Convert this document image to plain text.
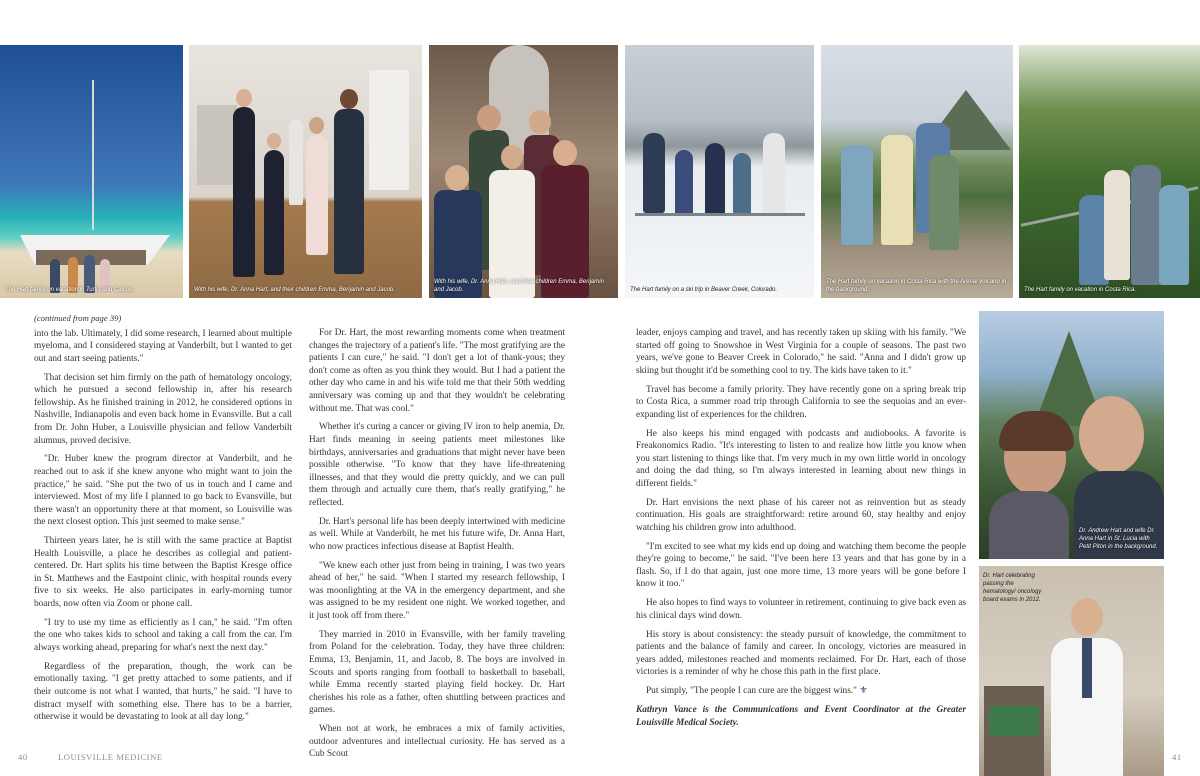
The Hart family on vacation in Turks and Caicos.	With his wife, Dr. Anna Hart, and their children Emma, Benjamin and Jacob.
With his wife, Dr. Anna Hart, and their children Emma, Benjamin and Jacob.	The Hart family on a ski trip in Beaver Creek, Colorado.
The Hart family on vacation in Costa Rica with the Arenal volcano in the background.	The Hart family on vacation in Costa Rica.
Dr. Andrew Hart and wife Dr. Anna Hart in St. Lucia with Petit Piton in the background.
Dr. Hart celebrating passing the hematology/ oncology board exams in 2012.

(continued from page 39)

into the lab. Ultimately, I did some research, I learned about multiple myeloma, and I considered staying at Vanderbilt, but I wanted to get out and start seeing patients."

That decision set him firmly on the path of hematology oncology, which he pursued a second fellowship in, after his research fellowship. As he finished training in 2012, he considered options in Nashville, Indianapolis and even back home in Evansville. But a call from Dr. John Huber, a Louisville physician and fellow Vanderbilt alumnus, proved decisive.

"Dr. Huber knew the program director at Vanderbilt, and he reached out to ask if she knew anyone who might want to join the practice," he said. "She put the two of us in touch and I came and interviewed. Most of my life I planned to go back to Evansville, but there wasn't an opportunity there at that moment, so Louisville was the next closest option. This just seemed to make sense."

Thirteen years later, he is still with the same practice at Baptist Health Louisville, a place he describes as collegial and patient-centered. Dr. Hart splits his time between the Baptist Kresge office in St. Matthews and the Eastpoint clinic, with hospital rounds every five to six weeks. He also participates in early-morning tumor boards, now often via Zoom or phone call.

"I try to use my time as efficiently as I can," he said. "I'm often the one who takes kids to school and taking a call from the car. I'm always working ahead, preparing for what's next the next day."

Regardless of the preparation, though, the work can be emotionally taxing. "I get pretty attached to some patients, and if their outcome is not what I wanted, that hurts," he said. "I have to distract myself with something else. There has to be a barrier, otherwise it would be devastating to look at all day long."

For Dr. Hart, the most rewarding moments come when treatment changes the trajectory of a patient's life. "The most gratifying are the patients I can cure," he said. "I don't get a lot of thank-yous; they don't come as often as you think they would. But I had a patient the other day who came in and his wife told me that their 50th wedding anniversary was coming up and that they wouldn't be celebrating without me. That was cool."

Whether it's curing a cancer or giving IV iron to help anemia, Dr. Hart finds meaning in seeing patients meet milestones like birthdays, anniversaries and graduations that might never have been possible otherwise. "To know that they have life-threatening illnesses, and that they would die pretty quickly, and we can pull them through and actually cure them, that's really gratifying," he reflected.

Dr. Hart's personal life has been deeply intertwined with medicine as well. While at Vanderbilt, he met his future wife, Dr. Anna Hart, who now practices infectious disease at Baptist Health.

"We knew each other just from being in training, I was two years ahead of her," he said. "When I started my research fellowship, I was moonlighting at the VA in the emergency department, and she was assigned to be my resident one night. We worked together, and it just took off from there."

They married in 2010 in Evansville, with her family traveling from Poland for the celebration. Today, they have three children: Emma, 13, Benjamin, 11, and Jacob, 8. The boys are involved in Scouts and sports ranging from football to basketball to baseball, while Emma recently started playing field hockey. Dr. Hart cherishes his role as a father, often shuttling between practices and games.

When not at work, he embraces a mix of family activities, outdoor adventures and intellectual curiosity. He has served as a Cub Scout

leader, enjoys camping and travel, and has recently taken up skiing with his family. "We started off going to Snowshoe in West Virginia for a couple of seasons. The past two years, we've gone to Beaver Creek in Colorado," he said. "Anna and I didn't grow up skiing but thought it'd be something cool to try. The kids have taken to it."

Travel has become a family priority. They have recently gone on a spring break trip to Costa Rica, a summer road trip through California to see the sequoias and an ever-expanding list of experiences for the children.

He also keeps his mind engaged with podcasts and audiobooks. A favorite is Freakonomics Radio. "It's interesting to listen to and realize how little you know when you start listening to things like that. I'm very much in my own little world in oncology and doing the dad thing, so I'm always interested in learning about new things in different fields."

Dr. Hart envisions the next phase of his career not as reinvention but as steady continuation. His goals are straightforward: retire around 60, stay healthy and enjoy watching his children grow into adulthood.

"I'm excited to see what my kids end up doing and watching them become the people they're going to become," he said. "I've been here 13 years and that has gone by in a flash. So, if I do that again, just one more time, 13 more years will be gone before I know it too."

He also hopes to find ways to volunteer in retirement, continuing to give back even as his clinical days wind down.

His story is about consistency: the steady pursuit of knowledge, the commitment to patients and the balance of family and career. In oncology, victories are measured in years added, milestones reached and moments reclaimed. For Dr. Hart, each of those victories is a reminder of why he chose this path in the first place.

Put simply, "The people I can cure are the biggest wins." ⚜

Kathryn Vance is the Communications and Event Coordinator at the Greater Louisville Medical Society.

40	LOUISVILLE MEDICINE	41
